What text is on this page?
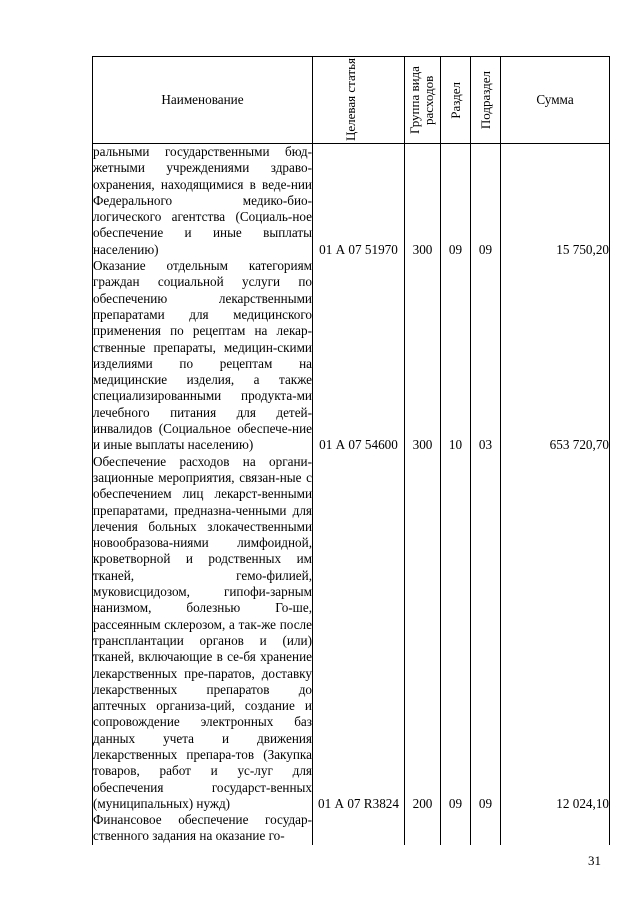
Наименование	Целевая статья	Группа вида расходов	Раздел	Подраздел	Сумма
ральными государственными бюд-жетными учреждениями здраво-охранения, находящимися в веде-нии Федерального медико-био-логического агентства (Социаль-ное обеспечение и иные выплаты населению)	01 А 07 51970	300	09	09	15 750,20
Оказание отдельным категориям граждан социальной услуги по обеспечению лекарственными препаратами для медицинского применения по рецептам на лекар-ственные препараты, медицин-скими изделиями по рецептам на медицинские изделия, а также специализированными продукта-ми лечебного питания для детей-инвалидов (Социальное обеспече-ние и иные выплаты населению)	01 А 07 54600	300	10	03	653 720,70
Обеспечение расходов на органи-зационные мероприятия, связан-ные с обеспечением лиц лекарст-венными препаратами, предназна-ченными для лечения больных злокачественными новообразова-ниями лимфоидной, кроветворной и родственных им тканей, гемо-филией, муковисцидозом, гипофи-зарным нанизмом, болезнью Го-ше, рассеянным склерозом, а так-же после трансплантации органов и (или) тканей, включающие в се-бя хранение лекарственных пре-паратов, доставку лекарственных препаратов до аптечных организа-ций, создание и сопровождение электронных баз данных учета и движения лекарственных препара-тов (Закупка товаров, работ и ус-луг для обеспечения государст-венных (муниципальных) нужд)	01 А 07 R3824	200	09	09	12 024,10
Финансовое обеспечение государ-ственного задания на оказание го-					
31
